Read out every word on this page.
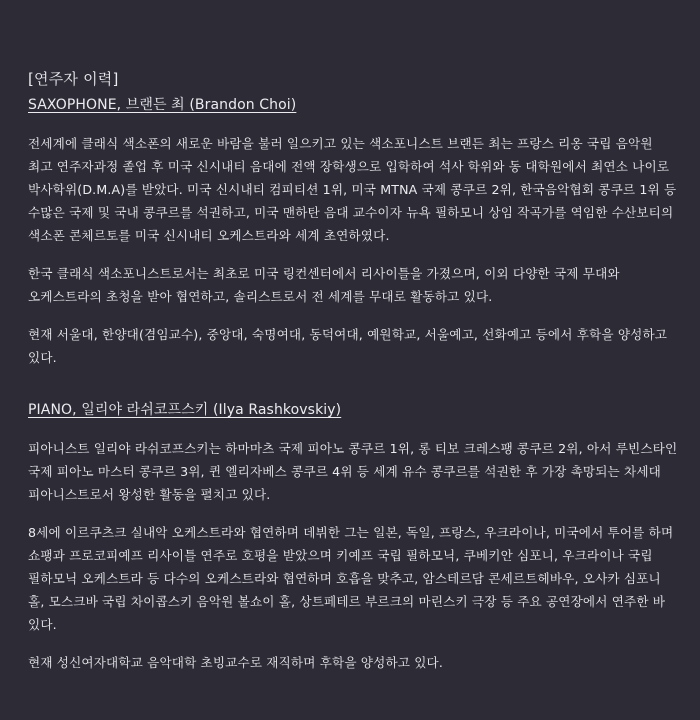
[연주자 이력]
SAXOPHONE, 브랜든 최 (Brandon Choi)

전세계에 클래식 색소폰의 새로운 바람을 불러 일으키고 있는 색소포니스트 브랜든 최는 프랑스 리옹 국립 음악원 최고 연주자과정 졸업 후 미국 신시내티 음대에 전액 장학생으로 입학하여 석사 학위와 동 대학원에서 최연소 나이로 박사학위(D.M.A)를 받았다. 미국 신시내티 컴피티션 1위, 미국 MTNA 국제 콩쿠르 2위, 한국음악협회 콩쿠르 1위 등 수많은 국제 및 국내 콩쿠르를 석권하고, 미국 맨하탄 음대 교수이자 뉴욕 필하모니 상임 작곡가를 역임한 수산보티의 색소폰 콘체르토를 미국 신시내티 오케스트라와 세계 초연하였다.

한국 클래식 색소포니스트로서는 최초로 미국 링컨센터에서 리사이틀을 가졌으며, 이외 다양한 국제 무대와 오케스트라의 초청을 받아 협연하고, 솔리스트로서 전 세계를 무대로 활동하고 있다.

현재 서울대, 한양대(겸임교수), 중앙대, 숙명여대, 동덕여대, 예원학교, 서울예고, 선화예고 등에서 후학을 양성하고 있다.

PIANO, 일리야 라쉬코프스키 (Ilya Rashkovskiy)

피아니스트 일리야 라쉬코프스키는 하마마츠 국제 피아노 콩쿠르 1위, 롱 티보 크레스팽 콩쿠르 2위, 아서 루빈스타인 국제 피아노 마스터 콩쿠르 3위, 퀸 엘리자베스 콩쿠르 4위 등 세계 유수 콩쿠르를 석권한 후 가장 촉망되는 차세대 피아니스트로서 왕성한 활동을 펼치고 있다.

8세에 이르쿠츠크 실내악 오케스트라와 협연하며 데뷔한 그는 일본, 독일, 프랑스, 우크라이나, 미국에서 투어를 하며 쇼팽과 프로코피예프 리사이틀 연주로 호평을 받았으며 키예프 국립 필하모닉, 쿠베키안 심포니, 우크라이나 국립 필하모닉 오케스트라 등 다수의 오케스트라와 협연하며 호흡을 맞추고, 암스테르담 콘세르트헤바우, 오사카 심포니 홀, 모스크바 국립 차이콥스키 음악원 볼쇼이 홀, 상트페테르 부르크의 마린스키 극장 등 주요 공연장에서 연주한 바 있다.

현재 성신여자대학교 음악대학 초빙교수로 재직하며 후학을 양성하고 있다.
